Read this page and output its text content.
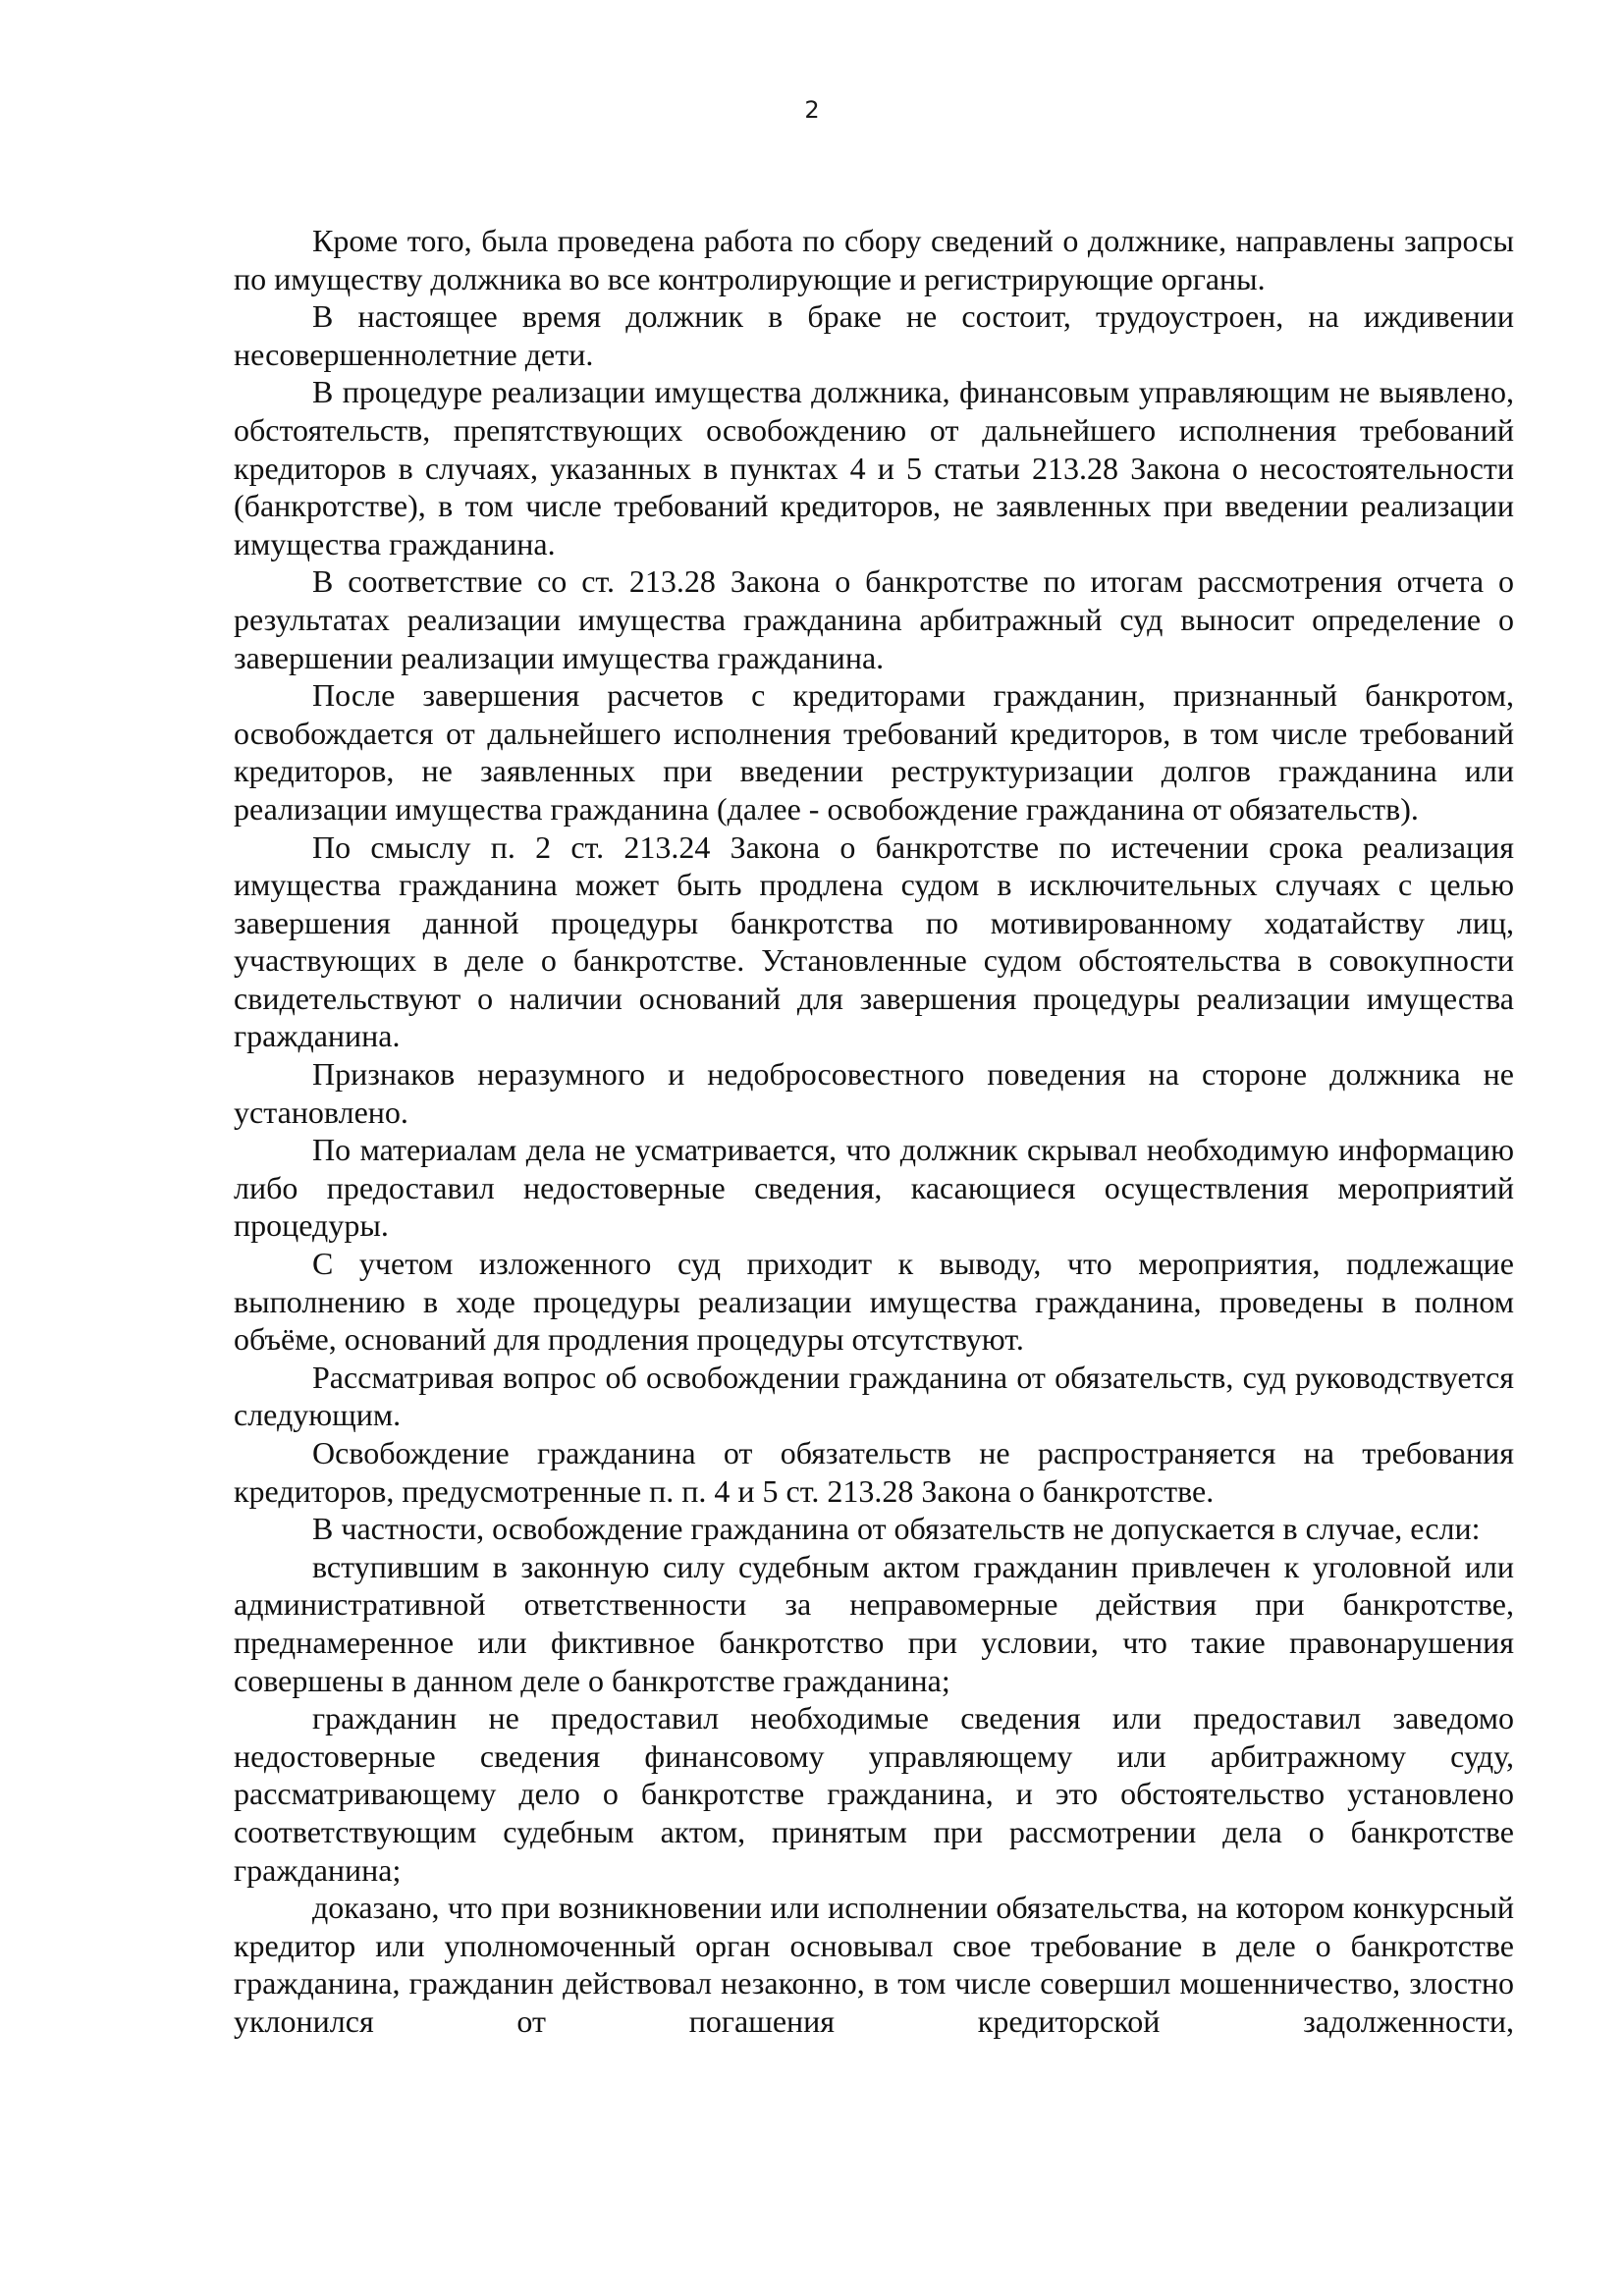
2

Кроме того, была проведена работа по сбору сведений о должнике, направлены запросы по имуществу должника во все контролирующие и регистрирующие органы.

В настоящее время должник в браке не состоит, трудоустроен, на иждивении несовершеннолетние дети.

В процедуре реализации имущества должника, финансовым управляющим не выявлено, обстоятельств, препятствующих освобождению от дальнейшего исполнения требований кредиторов в случаях, указанных в пунктах 4 и 5 статьи 213.28 Закона о несостоятельности (банкротстве), в том числе требований кредиторов, не заявленных при введении реализации имущества гражданина.

В соответствие со ст. 213.28 Закона о банкротстве по итогам рассмотрения отчета о результатах реализации имущества гражданина арбитражный суд выносит определение о завершении реализации имущества гражданина.

После завершения расчетов с кредиторами гражданин, признанный банкротом, освобождается от дальнейшего исполнения требований кредиторов, в том числе требований кредиторов, не заявленных при введении реструктуризации долгов гражданина или реализации имущества гражданина (далее - освобождение гражданина от обязательств).

По смыслу п. 2 ст. 213.24 Закона о банкротстве по истечении срока реализация имущества гражданина может быть продлена судом в исключительных случаях с целью завершения данной процедуры банкротства по мотивированному ходатайству лиц, участвующих в деле о банкротстве. Установленные судом обстоятельства в совокупности свидетельствуют о наличии оснований для завершения процедуры реализации имущества гражданина.

Признаков неразумного и недобросовестного поведения на стороне должника не установлено.

По материалам дела не усматривается, что должник скрывал необходимую информацию либо предоставил недостоверные сведения, касающиеся осуществления мероприятий процедуры.

С учетом изложенного суд приходит к выводу, что мероприятия, подлежащие выполнению в ходе процедуры реализации имущества гражданина, проведены в полном объёме, оснований для продления процедуры отсутствуют.

Рассматривая вопрос об освобождении гражданина от обязательств, суд руководствуется следующим.

Освобождение гражданина от обязательств не распространяется на требования кредиторов, предусмотренные п. п. 4 и 5 ст. 213.28 Закона о банкротстве.

В частности, освобождение гражданина от обязательств не допускается в случае, если:

вступившим в законную силу судебным актом гражданин привлечен к уголовной или административной ответственности за неправомерные действия при банкротстве, преднамеренное или фиктивное банкротство при условии, что такие правонарушения совершены в данном деле о банкротстве гражданина;

гражданин не предоставил необходимые сведения или предоставил заведомо недостоверные сведения финансовому управляющему или арбитражному суду, рассматривающему дело о банкротстве гражданина, и это обстоятельство установлено соответствующим судебным актом, принятым при рассмотрении дела о банкротстве гражданина;

доказано, что при возникновении или исполнении обязательства, на котором конкурсный кредитор или уполномоченный орган основывал свое требование в деле о банкротстве гражданина, гражданин действовал незаконно, в том числе совершил мошенничество, злостно уклонился от погашения кредиторской задолженности,
